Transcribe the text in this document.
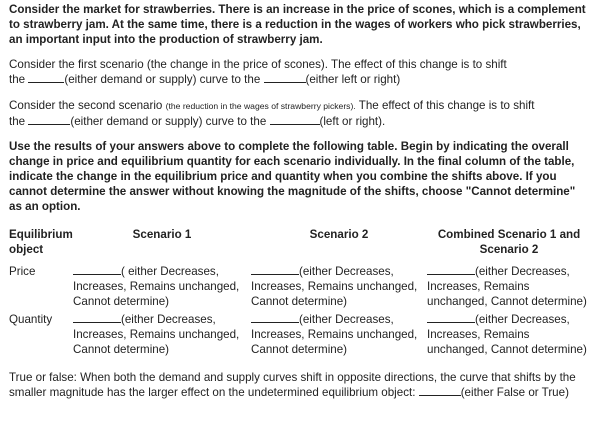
Consider the market for strawberries. There is an increase in the price of scones, which is a complement to strawberry jam. At the same time, there is a reduction in the wages of workers who pick strawberries, an important input into the production of strawberry jam.

Consider the first scenario (the change in the price of scones). The effect of this change is to shift
the	(either demand or supply) curve to the	(either left or right)

Consider the second scenario (the reduction in the wages of strawberry pickers). The effect of this change is to shift
the	(either demand or supply) curve to the	(left or right).

Use the results of your answers above to complete the following table. Begin by indicating the overall change in price and equilibrium quantity for each scenario individually. In the final column of the table, indicate the change in the equilibrium price and quantity when you combine the shifts above. If you cannot determine the answer without knowing the magnitude of the shifts, choose "Cannot determine" as an option.

Equilibrium object	Scenario 1	Scenario 2	Combined Scenario 1 and Scenario 2
Price	( either Decreases, Increases, Remains unchanged, Cannot determine)	(either Decreases, Increases, Remains unchanged, Cannot determine)	(either Decreases, Increases, Remains unchanged, Cannot determine)
Quantity	(either Decreases, Increases, Remains unchanged, Cannot determine)	(either Decreases, Increases, Remains unchanged, Cannot determine)	(either Decreases, Increases, Remains unchanged, Cannot determine)

True or false: When both the demand and supply curves shift in opposite directions, the curve that shifts by the smaller magnitude has the larger effect on the undetermined equilibrium object:	(either False or True)
